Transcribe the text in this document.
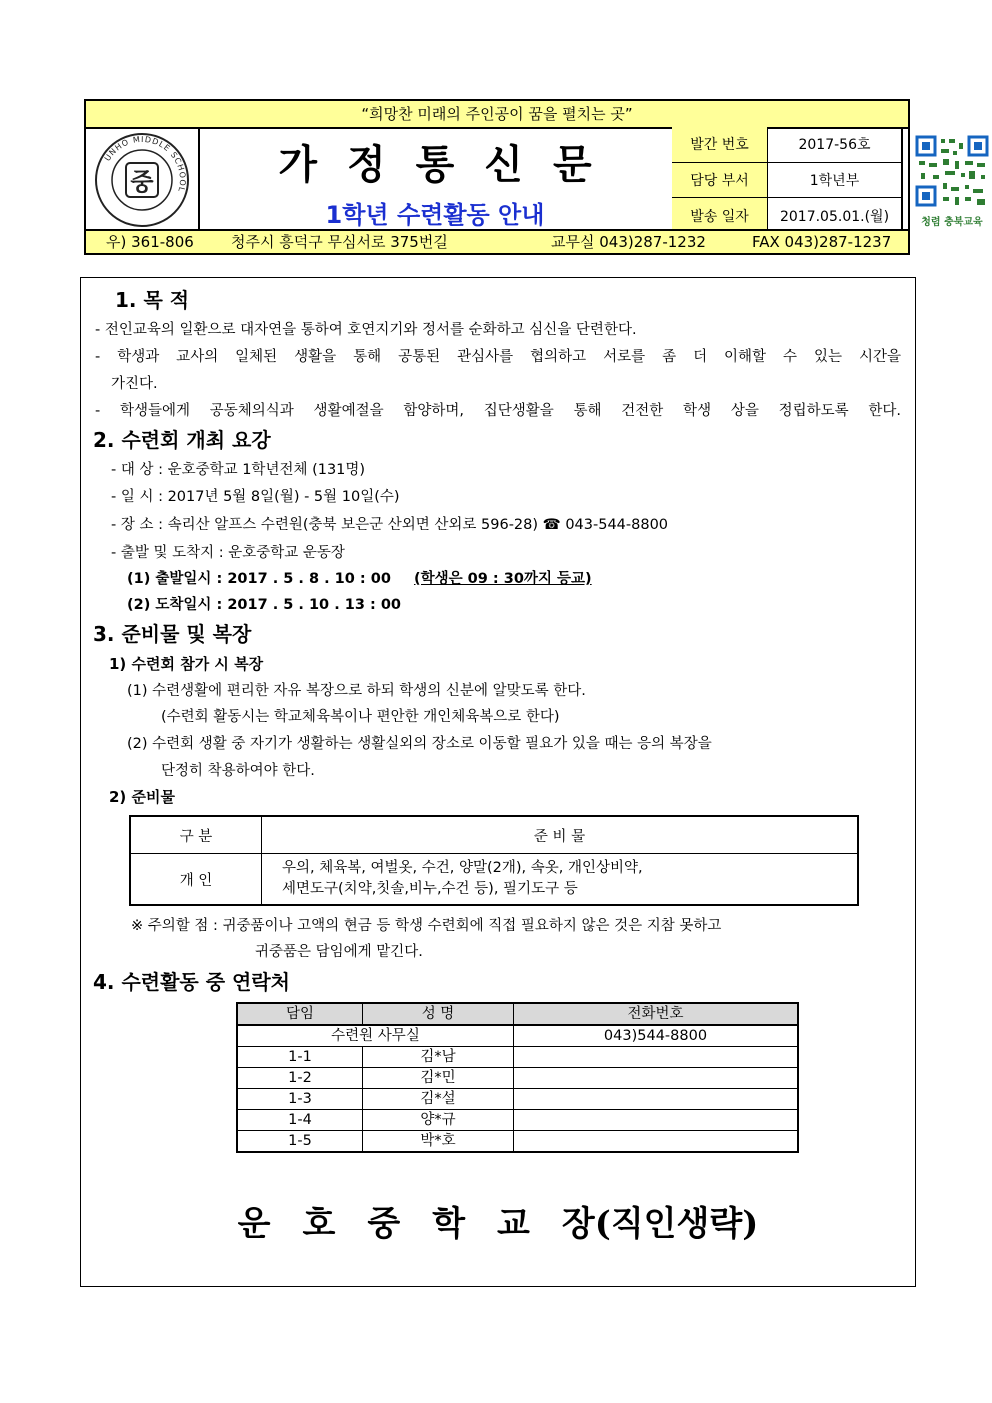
“희망찬 미래의 주인공이 꿈을 펼치는 곳”
UNHO MIDDLE SCHOOL
중	가정통신문
1학년 수련활동 안내
발간 번호	2017-56호
담당 부서	1학년부
발송 일자	2017.05.01.(월)	청렴 충북교육
우) 361-806 청주시 흥덕구 무심서로 375번길	교무실 043)287-1232	FAX 043)287-1237
1. 목 적
- 전인교육의 일환으로 대자연을 통하여 호연지기와 정서를 순화하고 심신을 단련한다.
- 학생과 교사의 일체된 생활을 통해 공통된 관심사를 협의하고 서로를 좀 더 이해할 수 있는 시간을
가진다.
- 학생들에게 공동체의식과 생활예절을 함양하며, 집단생활을 통해 건전한 학생 상을 정립하도록 한다.
2. 수련회 개최 요강
- 대 상 : 운호중학교 1학년전체 (131명)
- 일 시 : 2017년 5월 8일(월) - 5월 10일(수)
- 장 소 : 속리산 알프스 수련원(충북 보은군 산외면 산외로 596-28) ☎ 043-544-8800
- 출발 및 도착지 : 운호중학교 운동장
(1) 출발일시 : 2017 . 5 . 8 . 10 : 00 (학생은 09 : 30까지 등교)
(2) 도착일시 : 2017 . 5 . 10 . 13 : 00
3. 준비물 및 복장
1) 수련회 참가 시 복장
(1) 수련생활에 편리한 자유 복장으로 하되 학생의 신분에 알맞도록 한다.
(수련회 활동시는 학교체육복이나 편안한 개인체육복으로 한다)
(2) 수련회 생활 중 자기가 생활하는 생활실외의 장소로 이동할 필요가 있을 때는 응의 복장을
단정히 착용하여야 한다.
2) 준비물
구 분	준 비 물
개 인	우의, 체육복, 여벌옷, 수건, 양말(2개), 속옷, 개인상비약,
세면도구(치약,칫솔,비누,수건 등), 필기도구 등
※ 주의할 점 : 귀중품이나 고액의 현금 등 학생 수련회에 직접 필요하지 않은 것은 지참 못하고
귀중품은 담임에게 맡긴다.
4. 수련활동 중 연락처
담임	성 명	전화번호
수련원 사무실		043)544-8800
1-1	김*남	
1-2	김*민	
1-3	김*설	
1-4	양*규	
1-5	박*호	
운호중학교장(직인생략)
